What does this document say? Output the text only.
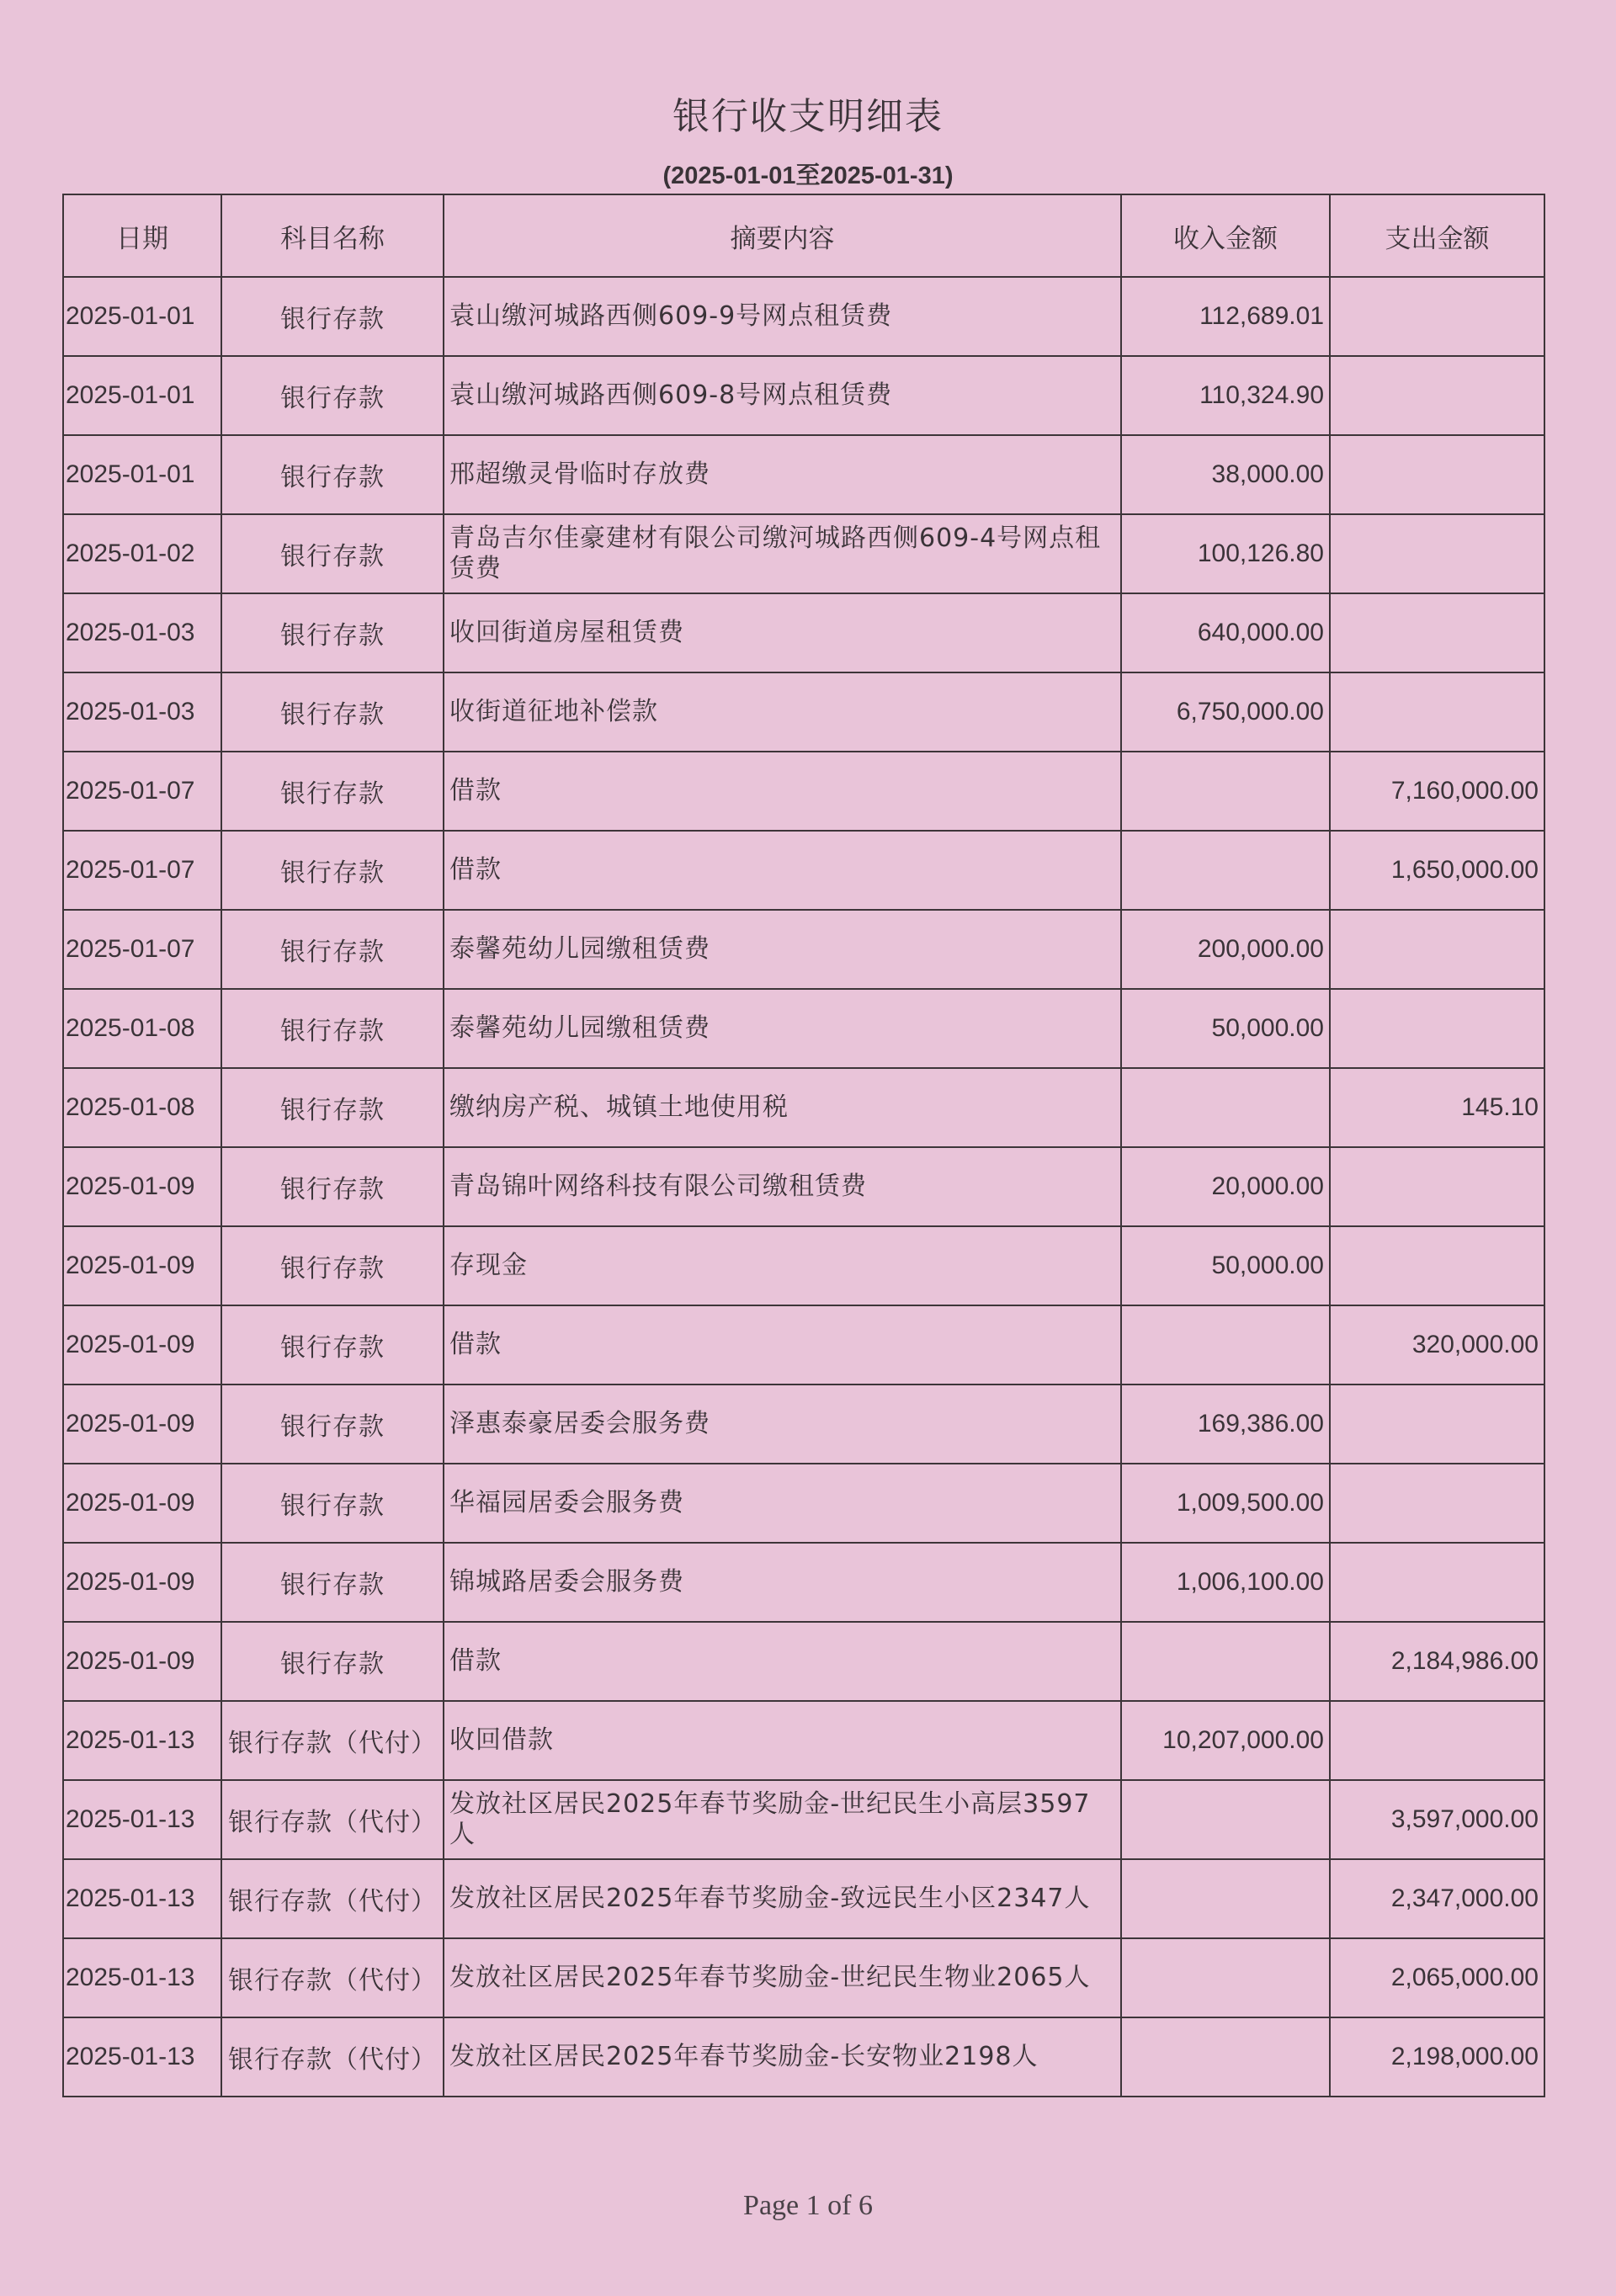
银行收支明细表
(2025-01-01至2025-01-31)
日期	科目名称	摘要内容	收入金额	支出金额
2025-01-01	银行存款	袁山缴河城路西侧609-9号网点租赁费	112,689.01	
2025-01-01	银行存款	袁山缴河城路西侧609-8号网点租赁费	110,324.90	
2025-01-01	银行存款	邢超缴灵骨临时存放费	38,000.00	
2025-01-02	银行存款	青岛吉尔佳豪建材有限公司缴河城路西侧609-4号网点租赁费	100,126.80	
2025-01-03	银行存款	收回街道房屋租赁费	640,000.00	
2025-01-03	银行存款	收街道征地补偿款	6,750,000.00	
2025-01-07	银行存款	借款		7,160,000.00
2025-01-07	银行存款	借款		1,650,000.00
2025-01-07	银行存款	泰馨苑幼儿园缴租赁费	200,000.00	
2025-01-08	银行存款	泰馨苑幼儿园缴租赁费	50,000.00	
2025-01-08	银行存款	缴纳房产税、城镇土地使用税		145.10
2025-01-09	银行存款	青岛锦叶网络科技有限公司缴租赁费	20,000.00	
2025-01-09	银行存款	存现金	50,000.00	
2025-01-09	银行存款	借款		320,000.00
2025-01-09	银行存款	泽惠泰豪居委会服务费	169,386.00	
2025-01-09	银行存款	华福园居委会服务费	1,009,500.00	
2025-01-09	银行存款	锦城路居委会服务费	1,006,100.00	
2025-01-09	银行存款	借款		2,184,986.00
2025-01-13	银行存款（代付）	收回借款	10,207,000.00	
2025-01-13	银行存款（代付）	发放社区居民2025年春节奖励金-世纪民生小高层3597人		3,597,000.00
2025-01-13	银行存款（代付）	发放社区居民2025年春节奖励金-致远民生小区2347人		2,347,000.00
2025-01-13	银行存款（代付）	发放社区居民2025年春节奖励金-世纪民生物业2065人		2,065,000.00
2025-01-13	银行存款（代付）	发放社区居民2025年春节奖励金-长安物业2198人		2,198,000.00
Page 1 of 6
